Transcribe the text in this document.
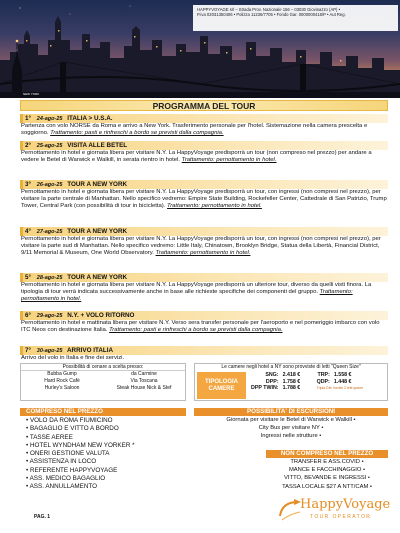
HAPPYVOYAGE srl – Strada Prov. Nazionale 156 – 03030 Giovinazzo (AP) •
P.iva 02031350406 • Polizza 11236/7705 • Fondo Gar. 0000000418/P • Aut Reg.
NEW YORK
PROGRAMMA DEL TOUR
1° 24-ago-25 ITALIA > U.S.A.
Partenza con volo NORSE da Roma e arrivo a New York. Trasferimento personale per l'hotel. Sistemazione nella camera prescelta e soggiorno. Trattamento: pasti e rinfreschi a bordo se previsti dalla compagnia.
2° 25-ago-25 VISITA ALLE BETEL
Pernottamento in hotel e giornata libera per visitare N.Y. La HappyVoyage predisporrà un tour (non compreso nel prezzo) per andare a vedere le Betel di Warwick e Walkill, in serata rientro in hotel. Trattamento: pernottamento in hotel.
3° 26-ago-25 TOUR A NEW YORK
Pernottamento in hotel e giornata libera per visitare N.Y. La HappyVoyage predisporrà un tour, con ingressi (non compresi nel prezzo), per visitare la parte centrale di Manhattan. Nello specifico vedremo: Empire State Building, Rockefeller Center, Cattedrale di San Patrizio, Trump Tower, Central Park (con possibilità di tour in bicicletta). Trattamento: pernottamento in hotel.
4° 27-ago-25 TOUR A NEW YORK
Pernottamento in hotel e giornata libera per visitare N.Y. La HappyVoyage predisporrà un tour, con ingressi (non compresi nel prezzo), per visitare la parte sud di Manhattan. Nello specifico vedremo: Little Italy, Chinatown, Brooklyn Bridge, Statua della Libertà, Financial District, 9/11 Memorial & Museum, One World Observatory. Trattamento: pernottamento in hotel.
5° 28-ago-25 TOUR A NEW YORK
Pernottamento in hotel e giornata libera per visitare N.Y. La HappyVoyage predisporrà un ulteriore tour, diverso da quelli visti finora. La tipologia di tour verrà indicata successivamente anche in base alle richieste specifiche dei componenti del gruppo. Trattamento: pernottamento in hotel.
6° 29-ago-25 N.Y. + VOLO RITORNO
Pernottamento in hotel e mattinata libera per visitare N.Y. Verso sera transfer personale per l'aeroporto e nel pomeriggio imbarco con volo ITC Neos con destinazione Italia. Trattamento: pasti e rinfreschi a bordo se previsti dalla compagnia.
7° 30-ago-25 ARRIVO ITALIA
Arrivo del volo in Italia e fine dei servizi.
Possibilità di cenare a scelta presso:
Bubba Gump	da Carmine
Hard Rock Cafè	Via Toscana
Hurley's Saloon	Steak House Nick & Stef
Le camere negli hotel a NY sono provviste di letti "Queen Size"
TIPOLOGIA
CAMERE
SNG:	2.418 €	TRP:	1.558 €
DPP:	1.758 €	QDP:	1.448 €
DPP TWIN:	1.788 €	Tripla Dbl. fornite 2 letti queen	
COMPRESO NEL PREZZO
• VOLO DA ROMA FIUMICINO
• BAGAGLIO E VITTO A BORDO
• TASSE AEREE
• HOTEL WYNDHAM NEW YORKER *
• ONERI GESTIONE VALUTA
• ASSISTENZA IN LOCO
• REFERENTE HAPPYVOYAGE
• ASS. MEDICO BAGAGLIO
• ASS. ANNULLAMENTO
POSSIBILITA' DI ESCURSIONI
Giornata per visitare le Betel di Warwick e Walkill •
City Bus per visitare NY •
Ingressi nelle strutture •
NON COMPRESO NEL PREZZO
TRANSFER E ASS.COVID •
MANCE E FACCHINAGGIO •
VITTO, BEVANDE E INGRESSI •
TASSA LOCALE $27 A NTT/CAM •
PAG. 1
HappyVoyage
TOUR OPERATOR
